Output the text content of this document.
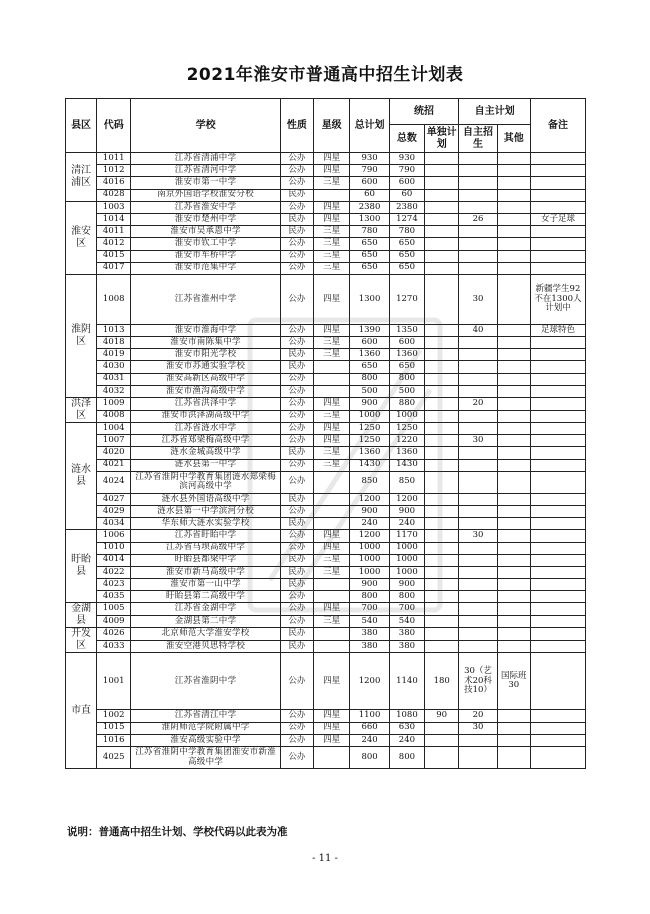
2021年淮安市普通高中招生计划表
县区	代码	学校	性质	星级	总计划	统招		自主计划		备注
						总数	单独计划	自主招生	其他	
清江浦区	1011	江苏省清浦中学	公办	四星	930	930				
	1012	江苏省清河中学	公办	四星	790	790				
	4016	淮安市第一中学	公办	三星	600	600				
	4028	南京外国语学校淮安分校	民办		60	60				
淮安区	1003	江苏省淮安中学	公办	四星	2380	2380				
	1014	淮安市楚州中学	民办	四星	1300	1274		26		女子足球
	4011	淮安市吴承恩中学	民办	三星	780	780				
	4012	淮安市钦工中学	公办	三星	650	650				
	4015	淮安市车桥中学	公办	三星	650	650				
	4017	淮安市范集中学	公办	三星	650	650				
淮阴区	1008	江苏省淮州中学	公办	四星	1300	1270		30		新疆学生92不在1300人计划中
	1013	淮安市淮海中学	公办	四星	1390	1350		40		足球特色
	4018	淮安市南陈集中学	公办	三星	600	600				
	4019	淮安市阳光学校	民办	三星	1360	1360				
	4030	淮安市苏通实验学校	民办		650	650				
	4031	淮安高新区高级中学	公办		800	800				
	4032	淮安市渔沟高级中学	公办		500	500				
洪泽区	1009	江苏省洪泽中学	公办	四星	900	880		20		
	4008	淮安市洪泽湖高级中学	公办	三星	1000	1000				
涟水县	1004	江苏省涟水中学	公办	四星	1250	1250				
	1007	江苏省郑梁梅高级中学	公办	四星	1250	1220		30		
	4020	涟水金城高级中学	民办	三星	1360	1360				
	4021	涟水县第一中学	公办	三星	1430	1430				
	4024	江苏省淮阴中学教育集团涟水郑梁梅滨河高级中学	公办		850	850				
	4027	涟水县外国语高级中学	民办		1200	1200				
	4029	涟水县第一中学滨河分校	公办		900	900				
	4034	华东师大涟水实验学校	民办		240	240				
盱眙县	1006	江苏省盱眙中学	公办	四星	1200	1170		30		
	1010	江苏省马坝高级中学	公办	四星	1000	1000				
	4014	盱眙县都梁中学	民办	三星	1000	1000				
	4022	淮安市新马高级中学	民办	三星	1000	1000				
	4023	淮安市第一山中学	民办		900	900				
	4035	盱眙县第二高级中学	公办		800	800				
金湖县	1005	江苏省金湖中学	公办	四星	700	700				
	4009	金湖县第二中学	公办	三星	540	540				
开发区	4026	北京师范大学淮安学校	民办		380	380				
	4033	淮安空港贝思特学校	民办		380	380				
市直	1001	江苏省淮阴中学	公办	四星	1200	1140	180	30（艺术20科技10）	国际班30	
	1002	江苏省清江中学	公办	四星	1100	1080	90	20		
	1015	淮阴师范学院附属中学	公办	四星	660	630		30		
	1016	淮安高级实验中学	公办	四星	240	240				
	4025	江苏省淮阴中学教育集团淮安市新淮高级中学	公办		800	800				
说明：普通高中招生计划、学校代码以此表为准
- 11 -
